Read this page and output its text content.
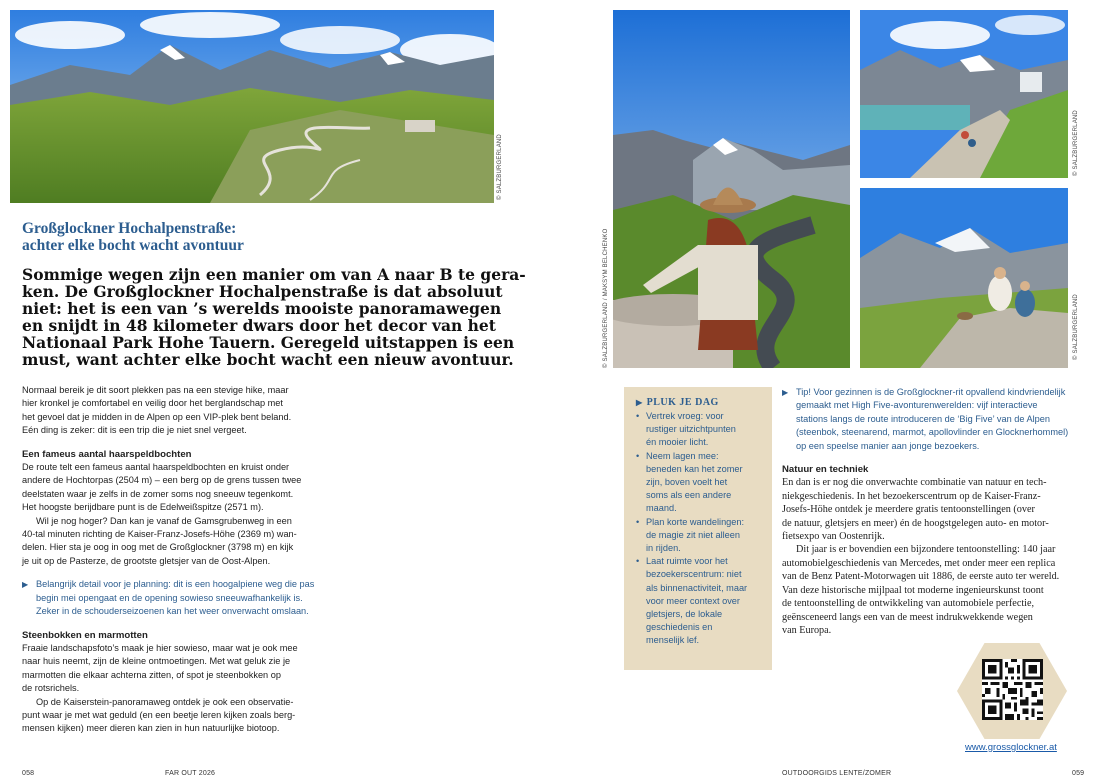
© SALZBURGERLAND
Großglockner Hochalpenstraße:
achter elke bocht wacht avontuur
Sommige wegen zijn een manier om van A naar B te gera-
ken. De Großglockner Hochalpenstraße is dat absoluut
niet: het is een van ’s werelds mooiste panoramawegen
en snijdt in 48 kilometer dwars door het decor van het
Nationaal Park Hohe Tauern. Geregeld uitstappen is een
must, want achter elke bocht wacht een nieuw avontuur.
Normaal bereik je dit soort plekken pas na een stevige hike, maar
hier kronkel je comfortabel en veilig door het berglandschap met
het gevoel dat je midden in de Alpen op een VIP-plek bent beland.
Eén ding is zeker: dit is een trip die je niet snel vergeet.
Een fameus aantal haarspeldbochten
De route telt een fameus aantal haarspeldbochten en kruist onder
andere de Hochtorpas (2504 m) – een berg op de grens tussen twee
deelstaten waar je zelfs in de zomer soms nog sneeuw tegenkomt.
Het hoogste berijdbare punt is de Edelweißspitze (2571 m).
Wil je nog hoger? Dan kan je vanaf de Gamsgrubenweg in een
40-tal minuten richting de Kaiser-Franz-Josefs-Höhe (2369 m) wan-
delen. Hier sta je oog in oog met de Großglockner (3798 m) en kijk
je uit op de Pasterze, de grootste gletsjer van de Oost-Alpen.
▶ Belangrijk detail voor je planning: dit is een hoogalpiene weg die pas
begin mei opengaat en de opening sowieso sneeuwafhankelijk is.
Zeker in de schouderseizoenen kan het weer onverwacht omslaan.
Steenbokken en marmotten
Fraaie landschapsfoto’s maak je hier sowieso, maar wat je ook mee
naar huis neemt, zijn de kleine ontmoetingen. Met wat geluk zie je
marmotten die elkaar achterna zitten, of spot je steenbokken op
de rotsrichels.
Op de Kaiserstein-panoramaweg ontdek je ook een observatie-
punt waar je met wat geduld (en een beetje leren kijken zoals berg-
mensen kijken) meer dieren kan zien in hun natuurlijke biotoop.
© SALZBURGERLAND / MAKSYM BELCHENKO
© SALZBURGERLAND
© SALZBURGERLAND
▶ PLUK JE DAG
• Vertrek vroeg: voor
rustiger uitzichtpunten
én mooier licht.
• Neem lagen mee:
beneden kan het zomer
zijn, boven voelt het
soms als een andere
maand.
• Plan korte wandelingen:
de magie zit niet alleen
in rijden.
• Laat ruimte voor het
bezoekerscentrum: niet
als binnenactiviteit, maar
voor meer context over
gletsjers, de lokale
geschiedenis en
menselijk lef.
▶ Tip! Voor gezinnen is de Großglockner-rit opvallend kindvriendelijk
gemaakt met High Five-avonturenwerelden: vijf interactieve
stations langs de route introduceren de ‘Big Five’ van de Alpen
(steenbok, steenarend, marmot, apollovlinder en Glocknerhommel)
op een speelse manier aan jonge bezoekers.
Natuur en techniek
En dan is er nog die onverwachte combinatie van natuur en tech-
niekgeschiedenis. In het bezoekerscentrum op de Kaiser-Franz-
Josefs-Höhe ontdek je meerdere gratis tentoonstellingen (over
de natuur, gletsjers en meer) én de hoogstgelegen auto- en motor-
fietsexpo van Oostenrijk.
Dit jaar is er bovendien een bijzondere tentoonstelling: 140 jaar
automobielgeschiedenis van Mercedes, met onder meer een replica
van de Benz Patent-Motorwagen uit 1886, de eerste auto ter wereld.
Van deze historische mijlpaal tot moderne ingenieurskunst toont
de tentoonstelling de ontwikkeling van automobiele perfectie,
geënsceneerd langs een van de meest indrukwekkende wegen
van Europa.
www.grossglockner.at
058	FAR OUT 2026	OUTDOORGIDS LENTE/ZOMER	059
